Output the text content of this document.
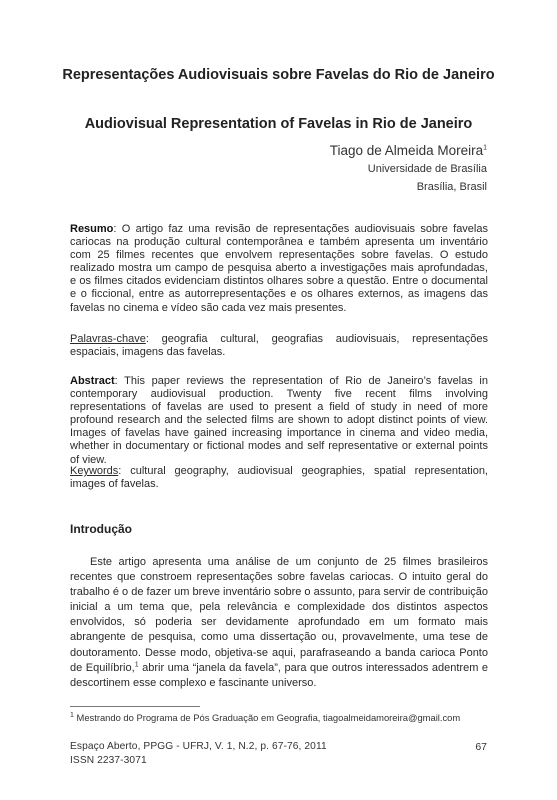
Representações Audiovisuais sobre Favelas do Rio de Janeiro
Audiovisual Representation of Favelas in Rio de Janeiro
Tiago de Almeida Moreira$^1$
Universidade de Brasília
Brasília, Brasil
Resumo: O artigo faz uma revisão de representações audiovisuais sobre favelas cariocas na produção cultural contemporânea e também apresenta um inventário com 25 filmes recentes que envolvem representações sobre favelas. O estudo realizado mostra um campo de pesquisa aberto a investigações mais aprofundadas, e os filmes citados evidenciam distintos olhares sobre a questão. Entre o documental e o ficcional, entre as autorrepresentações e os olhares externos, as imagens das favelas no cinema e vídeo são cada vez mais presentes.
Palavras-chave: geografia cultural, geografias audiovisuais, representações espaciais, imagens das favelas.
Abstract: This paper reviews the representation of Rio de Janeiro’s favelas in contemporary audiovisual production. Twenty five recent films involving representations of favelas are used to present a field of study in need of more profound research and the selected films are shown to adopt distinct points of view. Images of favelas have gained increasing importance in cinema and video media, whether in documentary or fictional modes and self representative or external points of view.
Keywords: cultural geography, audiovisual geographies, spatial representation, images of favelas.
Introdução
Este artigo apresenta uma análise de um conjunto de 25 filmes brasileiros recentes que constroem representações sobre favelas cariocas. O intuito geral do trabalho é o de fazer um breve inventário sobre o assunto, para servir de contribuição inicial a um tema que, pela relevância e complexidade dos distintos aspectos envolvidos, só poderia ser devidamente aprofundado em um formato mais abrangente de pesquisa, como uma dissertação ou, provavelmente, uma tese de doutoramento. Desse modo, objetiva-se aqui, parafraseando a banda carioca Ponto de Equilíbrio,$^1$ abrir uma “janela da favela”, para que outros interessados adentrem e descortinem esse complexo e fascinante universo.
$^1$ Mestrando do Programa de Pós Graduação em Geografia, tiagoalmeidamoreira@gmail.com
Espaço Aberto, PPGG - UFRJ, V. 1, N.2, p. 67-76, 2011
ISSN 2237-3071
67
